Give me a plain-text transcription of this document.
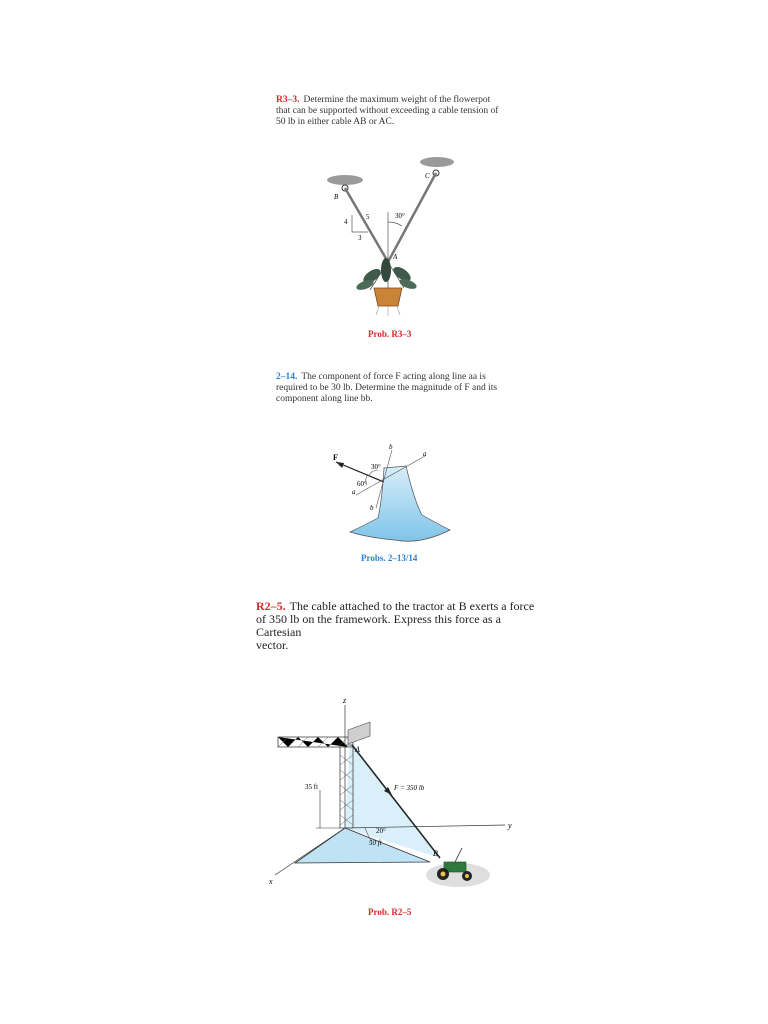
R3–3. Determine the maximum weight of the flowerpot
that can be supported without exceeding a cable tension of
50 lb in either cable AB or AC.
B
C
A
4
5
3
30°
Prob. R3–3
2–14. The component of force F acting along line aa is
required to be 30 lb. Determine the magnitude of F and its
component along line bb.
F	a
b
a
b
30°
60°
Probs. 2–13/14
R2–5. The cable attached to the tractor at B exerts a force
of 350 lb on the framework. Express this force as a Cartesian
vector.
z
y
x
A
B
35 ft	F = 350 lb
20°
50 ft
Prob. R2–5
